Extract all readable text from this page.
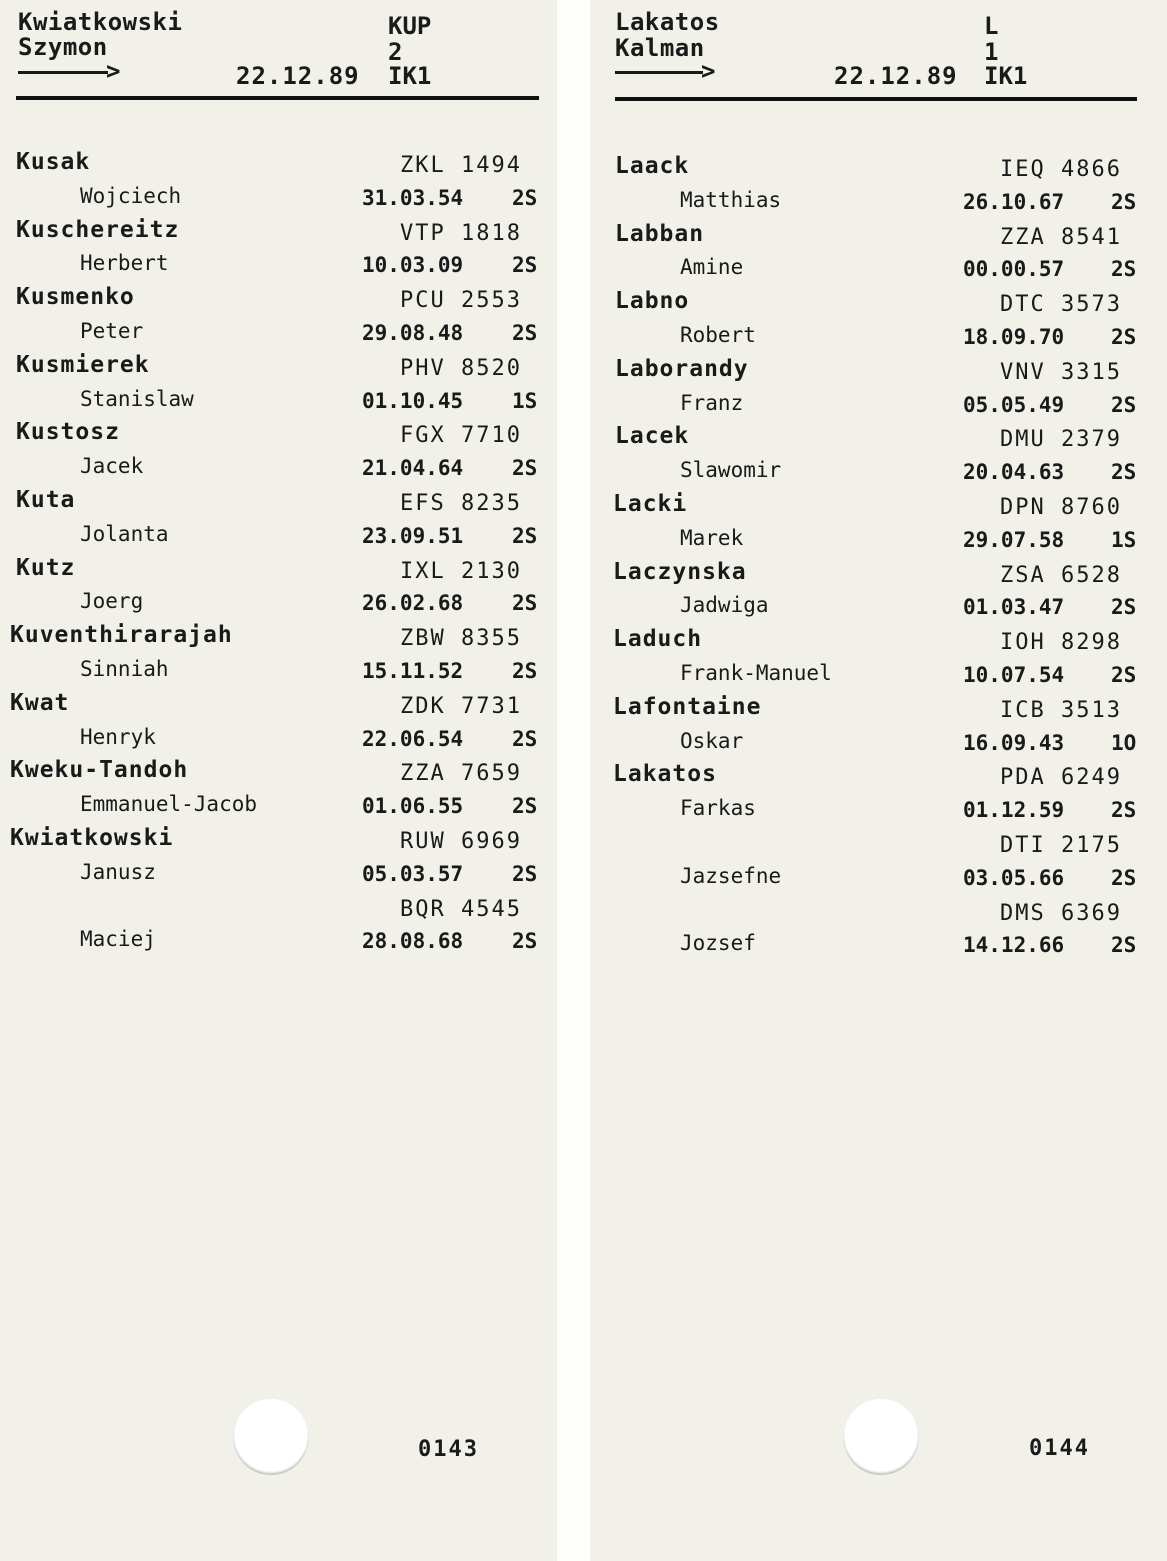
Kwiatkowski
Szymon
>
KUP
2
22.12.89 IK1
Kusak	ZKL 1494
Wojciech	31.03.54 2S
Kuschereitz	VTP 1818
Herbert	10.03.09 2S
Kusmenko	PCU 2553
Peter	29.08.48 2S
Kusmierek	PHV 8520
Stanislaw	01.10.45 1S
Kustosz	FGX 7710
Jacek	21.04.64 2S
Kuta	EFS 8235
Jolanta	23.09.51 2S
Kutz	IXL 2130
Joerg	26.02.68 2S
Kuventhirarajah	ZBW 8355
Sinniah	15.11.52 2S
Kwat	ZDK 7731
Henryk	22.06.54 2S
Kweku-Tandoh	ZZA 7659
Emmanuel-Jacob	01.06.55 2S
Kwiatkowski	RUW 6969
Janusz	05.03.57 2S
BQR 4545
Maciej	28.08.68 2S
0143
Lakatos
Kalman
>
L
1
22.12.89 IK1
Laack	IEQ 4866
Matthias	26.10.67 2S
Labban	ZZA 8541
Amine	00.00.57 2S
Labno	DTC 3573
Robert	18.09.70 2S
Laborandy	VNV 3315
Franz	05.05.49 2S
Lacek	DMU 2379
Slawomir	20.04.63 2S
Lacki	DPN 8760
Marek	29.07.58 1S
Laczynska	ZSA 6528
Jadwiga	01.03.47 2S
Laduch	IOH 8298
Frank-Manuel	10.07.54 2S
Lafontaine	ICB 3513
Oskar	16.09.43 1O
Lakatos	PDA 6249
Farkas	01.12.59 2S
DTI 2175
Jazsefne	03.05.66 2S
DMS 6369
Jozsef	14.12.66 2S
0144
